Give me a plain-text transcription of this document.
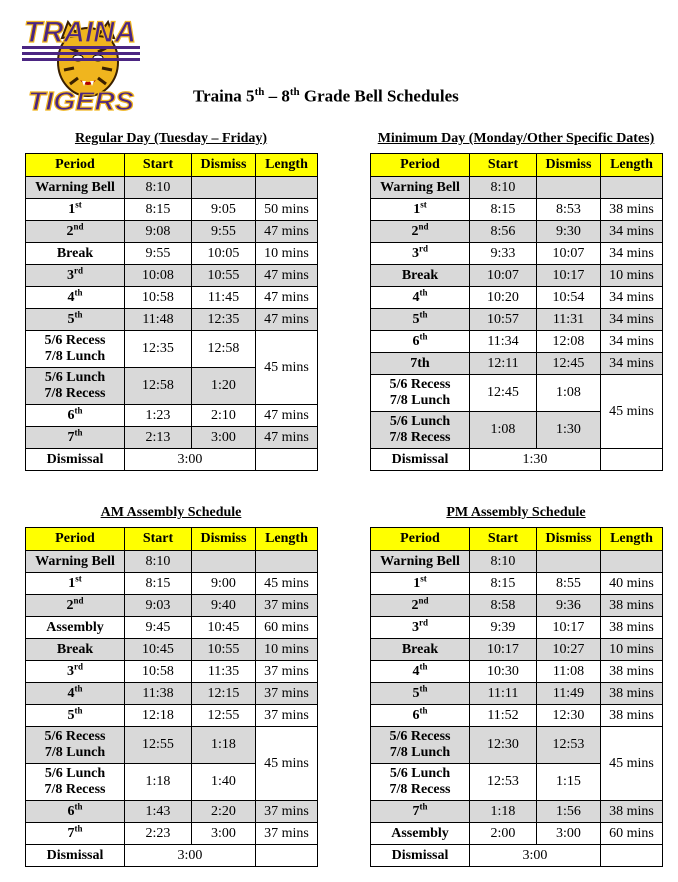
TRAINA
TIGERS	Traina 5th – 8th Grade Bell Schedules
Regular Day (Tuesday – Friday)
Period	Start	Dismiss	Length
Warning Bell	8:10		
1st	8:15	9:05	50 mins
2nd	9:08	9:55	47 mins
Break	9:55	10:05	10 mins
3rd	10:08	10:55	47 mins
4th	10:58	11:45	47 mins
5th	11:48	12:35	47 mins
5/6 Recess
7/8 Lunch	12:35	12:58	45 mins
5/6 Lunch
7/8 Recess	12:58	1:20	
6th	1:23	2:10	47 mins
7th	2:13	3:00	47 mins
Dismissal	3:00		
Minimum Day (Monday/Other Specific Dates)
Period	Start	Dismiss	Length
Warning Bell	8:10		
1st	8:15	8:53	38 mins
2nd	8:56	9:30	34 mins
3rd	9:33	10:07	34 mins
Break	10:07	10:17	10 mins
4th	10:20	10:54	34 mins
5th	10:57	11:31	34 mins
6th	11:34	12:08	34 mins
7th	12:11	12:45	34 mins
5/6 Recess
7/8 Lunch	12:45	1:08	45 mins
5/6 Lunch
7/8 Recess	1:08	1:30	
Dismissal	1:30		
AM Assembly Schedule
Period	Start	Dismiss	Length
Warning Bell	8:10		
1st	8:15	9:00	45 mins
2nd	9:03	9:40	37 mins
Assembly	9:45	10:45	60 mins
Break	10:45	10:55	10 mins
3rd	10:58	11:35	37 mins
4th	11:38	12:15	37 mins
5th	12:18	12:55	37 mins
5/6 Recess
7/8 Lunch	12:55	1:18	45 mins
5/6 Lunch
7/8 Recess	1:18	1:40	
6th	1:43	2:20	37 mins
7th	2:23	3:00	37 mins
Dismissal	3:00		
PM Assembly Schedule
Period	Start	Dismiss	Length
Warning Bell	8:10		
1st	8:15	8:55	40 mins
2nd	8:58	9:36	38 mins
3rd	9:39	10:17	38 mins
Break	10:17	10:27	10 mins
4th	10:30	11:08	38 mins
5th	11:11	11:49	38 mins
6th	11:52	12:30	38 mins
5/6 Recess
7/8 Lunch	12:30	12:53	45 mins
5/6 Lunch
7/8 Recess	12:53	1:15	
7th	1:18	1:56	38 mins
Assembly	2:00	3:00	60 mins
Dismissal	3:00		
